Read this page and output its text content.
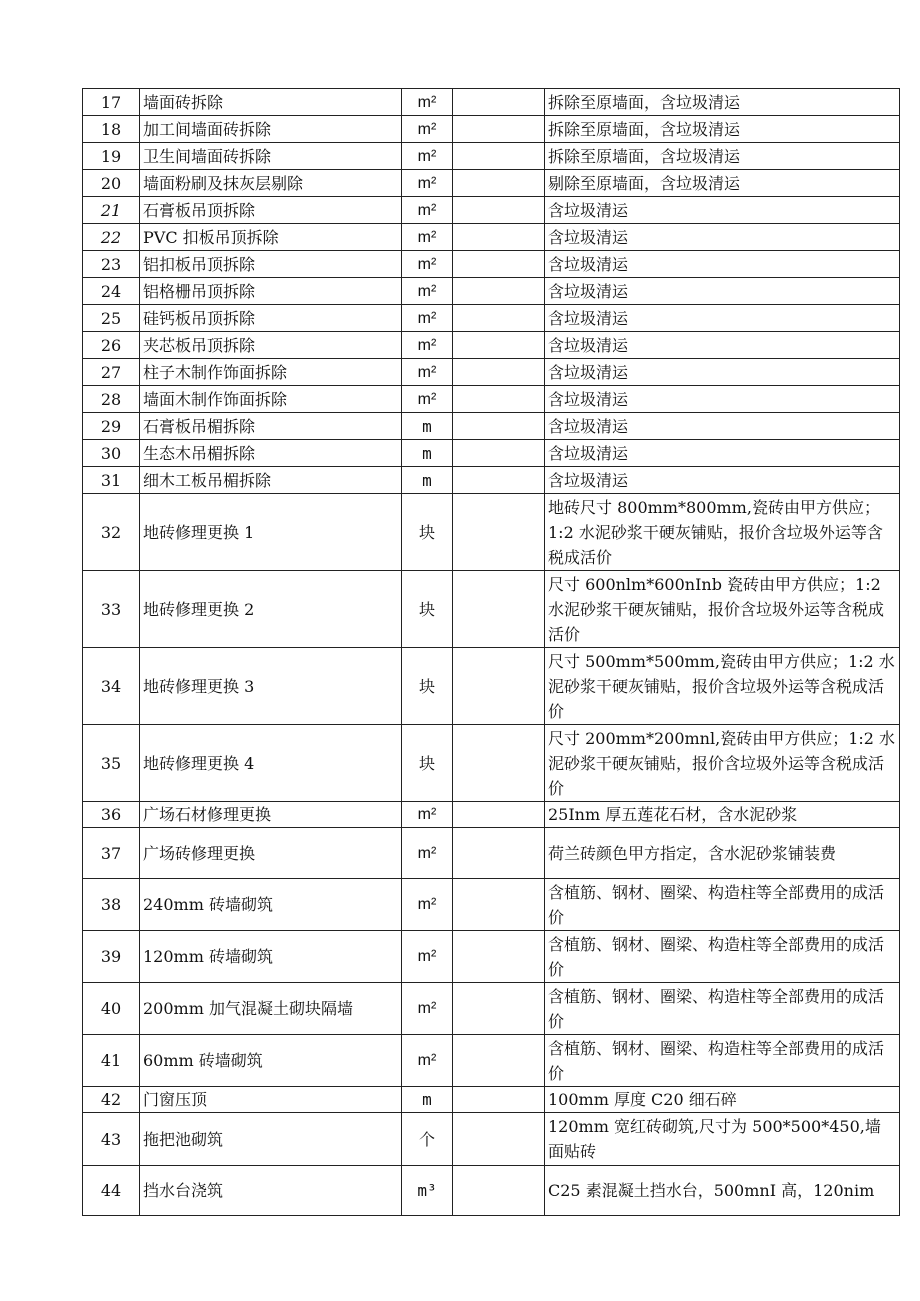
17	墙面砖拆除	m²		拆除至原墙面，含垃圾清运
18	加工间墙面砖拆除	m²		拆除至原墙面，含垃圾清运
19	卫生间墙面砖拆除	m²		拆除至原墙面，含垃圾清运
20	墙面粉刷及抹灰层剔除	m²		剔除至原墙面，含垃圾清运
21	石膏板吊顶拆除	m²		含垃圾清运
22	PVC 扣板吊顶拆除	m²		含垃圾清运
23	铝扣板吊顶拆除	m²		含垃圾清运
24	铝格栅吊顶拆除	m²		含垃圾清运
25	硅钙板吊顶拆除	m²		含垃圾清运
26	夹芯板吊顶拆除	m²		含垃圾清运
27	柱子木制作饰面拆除	m²		含垃圾清运
28	墙面木制作饰面拆除	m²		含垃圾清运
29	石膏板吊楣拆除	m		含垃圾清运
30	生态木吊楣拆除	m		含垃圾清运
31	细木工板吊楣拆除	m		含垃圾清运
32	地砖修理更换 1	块		地砖尺寸 800mm*800mm,瓷砖由甲方供应；1:2 水泥砂浆干硬灰铺贴，报价含垃圾外运等含税成活价
33	地砖修理更换 2	块		尺寸 600nlm*600nInb 瓷砖由甲方供应；1:2 水泥砂浆干硬灰铺贴，报价含垃圾外运等含税成活价
34	地砖修理更换 3	块		尺寸 500mm*500mm,瓷砖由甲方供应；1:2 水泥砂浆干硬灰铺贴，报价含垃圾外运等含税成活价
35	地砖修理更换 4	块		尺寸 200mm*200mnl,瓷砖由甲方供应；1:2 水泥砂浆干硬灰铺贴，报价含垃圾外运等含税成活价
36	广场石材修理更换	m²		25Inm 厚五莲花石材，含水泥砂浆
37	广场砖修理更换	m²		荷兰砖颜色甲方指定，含水泥砂浆铺装费
38	240mm 砖墙砌筑	m²		含植筋、钢材、圈梁、构造柱等全部费用的成活价
39	120mm 砖墙砌筑	m²		含植筋、钢材、圈梁、构造柱等全部费用的成活价
40	200mm 加气混凝土砌块隔墙	m²		含植筋、钢材、圈梁、构造柱等全部费用的成活价
41	60mm 砖墙砌筑	m²		含植筋、钢材、圈梁、构造柱等全部费用的成活价
42	门窗压顶	m		100mm 厚度 C20 细石碎
43	拖把池砌筑	个		120mm 宽红砖砌筑,尺寸为 500*500*450,墙面贴砖
44	挡水台浇筑	m³		C25 素混凝土挡水台，500mnI 高，120nim
